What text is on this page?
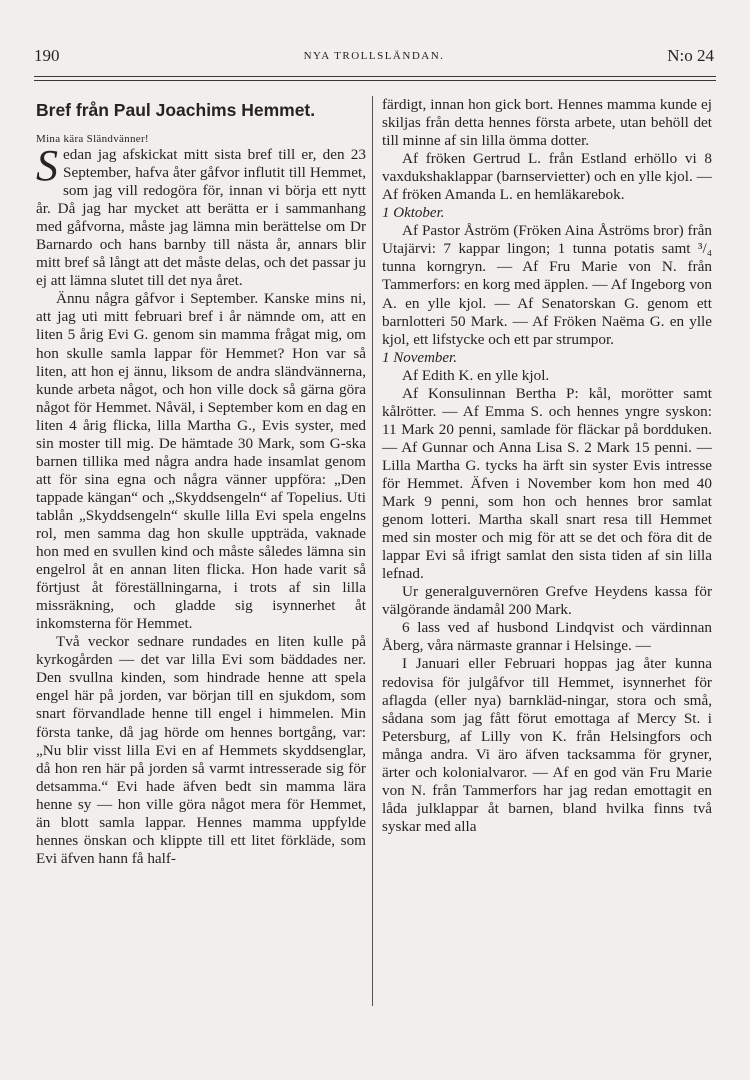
190	NYA TROLLSLÄNDAN.	N:o 24
Bref från Paul Joachims Hemmet.

Mina kära Sländvänner!

Sedan jag afskickat mitt sista bref till er, den 23 September, hafva åter gåfvor influtit till Hemmet, som jag vill redogöra för, innan vi börja ett nytt år. Då jag har mycket att berätta er i sammanhang med gåfvorna, måste jag lämna min berättelse om Dr Barnardo och hans barnby till nästa år, annars blir mitt bref så långt att det måste delas, och det passar ju ej att lämna slutet till det nya året.

Ännu några gåfvor i September. Kanske mins ni, att jag uti mitt februari bref i år nämnde om, att en liten 5 årig Evi G. genom sin mamma frågat mig, om hon skulle samla lappar för Hemmet? Hon var så liten, att hon ej ännu, liksom de andra sländvännerna, kunde arbeta något, och hon ville dock så gärna göra något för Hemmet. Nåväl, i September kom en dag en liten 4 årig flicka, lilla Martha G., Evis syster, med sin moster till mig. De hämtade 30 Mark, som G-ska barnen tillika med några andra hade insamlat genom att för sina egna och några vänner uppföra: „Den tappade kängan“ och „Skyddsengeln“ af Topelius. Uti tablån „Skyddsengeln“ skulle lilla Evi spela engelns rol, men samma dag hon skulle uppträda, vaknade hon med en svullen kind och måste således lämna sin engelrol åt en annan liten flicka. Hon hade varit så förtjust åt föreställningarna, i trots af sin lilla missräkning, och gladde sig isynnerhet åt inkomsterna för Hemmet.

Två veckor sednare rundades en liten kulle på kyrkogården — det var lilla Evi som bäddades ner. Den svullna kinden, som hindrade henne att spela engel här på jorden, var början till en sjukdom, som snart förvandlade henne till engel i himmelen. Min första tanke, då jag hörde om hennes bortgång, var: „Nu blir visst lilla Evi en af Hemmets skyddsenglar, då hon ren här på jorden så varmt intresserade sig för detsamma.“ Evi hade äfven bedt sin mamma lära henne sy — hon ville göra något mera för Hemmet, än blott samla lappar. Hennes mamma uppfylde hennes önskan och klippte till ett litet förkläde, som Evi äfven hann få half-

färdigt, innan hon gick bort. Hennes mamma kunde ej skiljas från detta hennes första arbete, utan behöll det till minne af sin lilla ömma dotter.

Af fröken Gertrud L. från Estland erhöllo vi 8 vaxdukshaklappar (barnservietter) och en ylle kjol. — Af fröken Amanda L. en hemläkarebok.

1 Oktober.

Af Pastor Åström (Fröken Aina Åströms bror) från Utajärvi: 7 kappar lingon; 1 tunna potatis samt ³/₄ tunna korngryn. — Af Fru Marie von N. från Tammerfors: en korg med äpplen. — Af Ingeborg von A. en ylle kjol. — Af Senatorskan G. genom ett barnlotteri 50 Mark. — Af Fröken Naëma G. en ylle kjol, ett lifstycke och ett par strumpor.

1 November.

Af Edith K. en ylle kjol.

Af Konsulinnan Bertha P: kål, morötter samt kålrötter. — Af Emma S. och hennes yngre syskon: 11 Mark 20 penni, samlade för fläckar på bordduken. — Af Gunnar och Anna Lisa S. 2 Mark 15 penni. — Lilla Martha G. tycks ha ärft sin syster Evis intresse för Hemmet. Äfven i November kom hon med 40 Mark 9 penni, som hon och hennes bror samlat genom lotteri. Martha skall snart resa till Hemmet med sin moster och mig för att se det och föra dit de lappar Evi så ifrigt samlat den sista tiden af sin lilla lefnad.

Ur generalguvernören Grefve Heydens kassa för välgörande ändamål 200 Mark.

6 lass ved af husbond Lindqvist och värdinnan Åberg, våra närmaste grannar i Helsinge. —

I Januari eller Februari hoppas jag åter kunna redovisa för julgåfvor till Hemmet, isynnerhet för aflagda (eller nya) barnkläd-ningar, stora och små, sådana som jag fått förut emottaga af Mercy St. i Petersburg, af Lilly von K. från Helsingfors och många andra. Vi äro äfven tacksamma för gryner, ärter och kolonialvaror. — Af en god vän Fru Marie von N. från Tammerfors har jag redan emottagit en låda julklappar åt barnen, bland hvilka finns två syskar med alla
